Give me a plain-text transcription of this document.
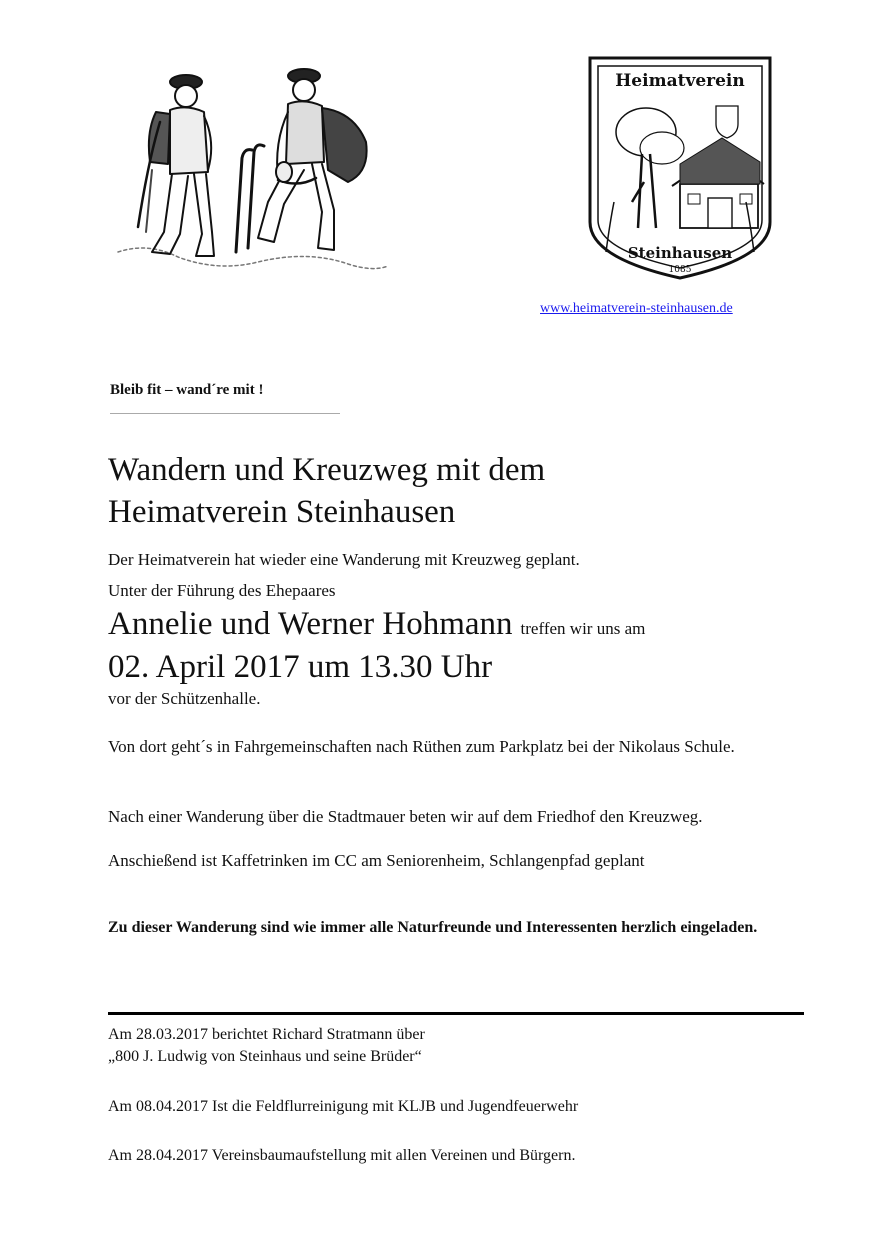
Heimatverein
Steinhausen
1085
www.heimatverein-steinhausen.de
Bleib fit – wand´re mit !
Wandern und Kreuzweg mit dem
Heimatverein Steinhausen
Der Heimatverein hat wieder eine Wanderung mit Kreuzweg geplant.
Unter der Führung des Ehepaares
Annelie und Werner Hohmann treffen wir uns am
02. April 2017 um 13.30 Uhr
vor der Schützenhalle.
Von dort geht´s in Fahrgemeinschaften nach Rüthen zum Parkplatz bei der Nikolaus Schule.
Nach einer Wanderung über die Stadtmauer beten wir auf dem Friedhof den Kreuzweg.
Anschießend ist Kaffetrinken im CC am Seniorenheim, Schlangenpfad geplant
Zu dieser Wanderung sind wie immer alle Naturfreunde und Interessenten herzlich eingeladen.
Am 28.03.2017 berichtet Richard Stratmann über
„800 J. Ludwig von Steinhaus und seine Brüder“
Am 08.04.2017 Ist die Feldflurreinigung mit KLJB und Jugendfeuerwehr
Am 28.04.2017 Vereinsbaumaufstellung mit allen Vereinen und Bürgern.
